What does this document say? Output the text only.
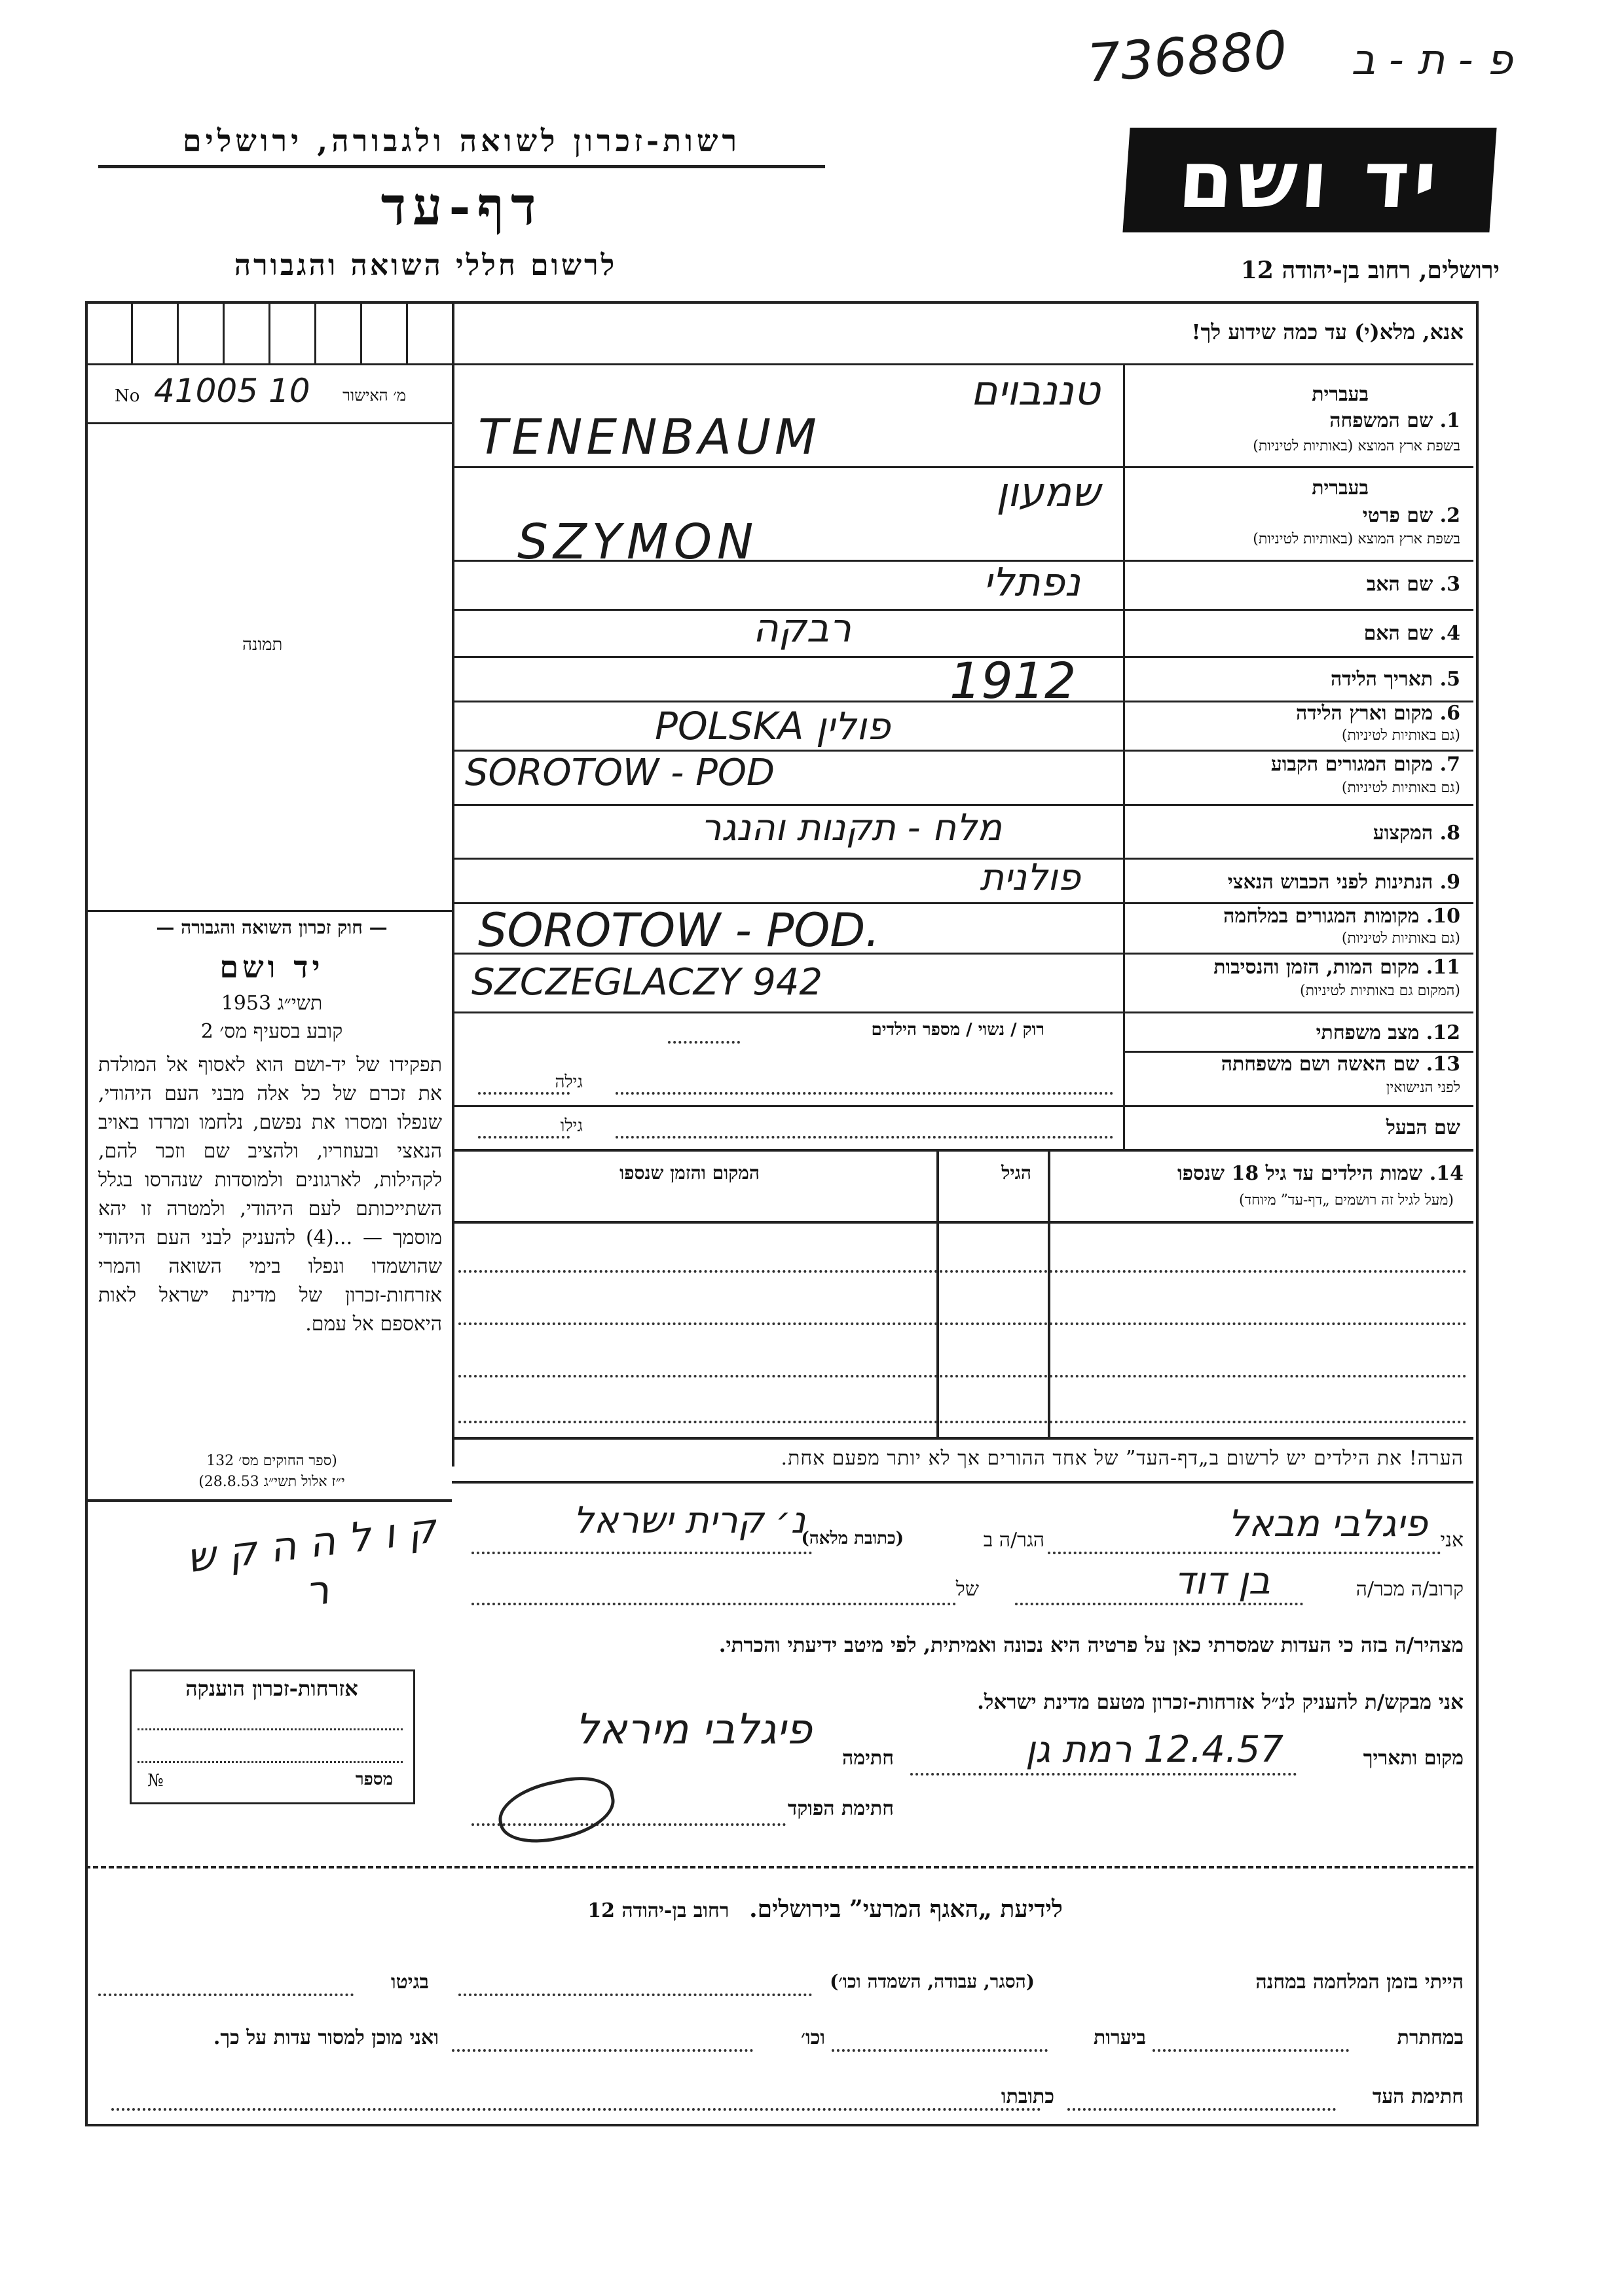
736880	פ - ת - ב
רשות-זכרון לשואה ולגבורה, ירושלים
דף-עד
לרשום חללי השואה והגבורה
יד ושם
ירושלים, רחוב בן-יהודה 12
אנא, מלא(י) עד כמה שידוע לך!
מ׳ האישור
41005 10
No
תמונה
בעברית
1. שם המשפחה
בשפת ארץ המוצא (באותיות לטיניות)
טננבוים
TENENBAUM
בעברית
2. שם פרטי
בשפת ארץ המוצא (באותיות לטיניות)
שמעון
SZYMON
3. שם האב
נפתלי
4. שם האם
רבקה
5. תאריך הלידה
1912
6. מקום וארץ הלידה
(גם באותיות לטיניות)
POLSKA פולין
7. מקום המגורים הקבוע
(גם באותיות לטיניות)
SOROTOW - POD
8. המקצוע
מלח - תקנות והנגר
9. הנתינות לפני הכבוש הנאצי
פולנית
10. מקומות המגורים במלחמה
(גם באותיות לטיניות)
SOROTOW - POD.
11. מקום המות, הזמן והנסיבות
(המקום גם באותיות לטיניות)
SZCZEGLACZY 942
12. מצב משפחתי
רוק / נשוי / מספר הילדים
13. שם האשה ושם משפחתה
לפני הנישואין
גילה
שם הבעל
גילו
14. שמות הילדים עד גיל 18 שנספו
(מעל לגיל זה רושמים „דף-עד” מיוחד)
הגיל
המקום והזמן שנספו
— חוק זכרון השואה והגבורה —
יד ושם
תשי״ג 1953
קובע בסעיף מס׳ 2
תפקידו של יד-ושם הוא לאסוף אל המולדת את זכרם של כל אלה מבני העם היהודי, שנפלו ומסרו את נפשם, נלחמו ומרדו באויב הנאצי ובעוזריו, ולהציב שם וזכר להם, לקהילות, לארגונים ולמוסדות שנהרסו בגלל השתייכותם לעם היהודי, ולמטרה זו יהא מוסמך — ...(4) להעניק לבני העם היהודי שהושמדו ונפלו בימי השואה והמרי אזרחות-זכרון של מדינת ישראל לאות היאספם אל עמם.
(ספר החוקים מס׳ 132
י״ז אלול תשי״ג 28.8.53)
הערה! את הילדים יש לרשום ב„דף-העד” של אחד ההורים אך לא יותר מפעם אחת.
אני
פיגלבי מבאל
הגר/ה ב
(כתובת מלאה)
נ׳ קרית ישראל
ק ו ל ה ה ק ש ר	קרוב/ה מכר/ה
בן דוד
של
מצהיר/ה בזה כי העדות שמסרתי כאן על פרטיה היא נכונה ואמיתית, לפי מיטב ידיעתי והכרתי.
אני מבקש/ת להעניק לנ״ל אזרחות-זכרון מטעם מדינת ישראל.
מקום ותאריך
12.4.57 רמת גן
חתימה
פיגלבי מיראל
חתימת הפוקד
אזרחות-זכרון הוענקה
№	מספר
לידיעת „האגף המרעי” בירושלים. רחוב בן-יהודה 12
הייתי בזמן המלחמה במחנה
(הסגר, עבודה, השמדה וכו׳)
בגיטו
במחתרת
ביערות
וכו׳
ואני מוכן למסור עדות על כך.
חתימת העד
כתובתו
